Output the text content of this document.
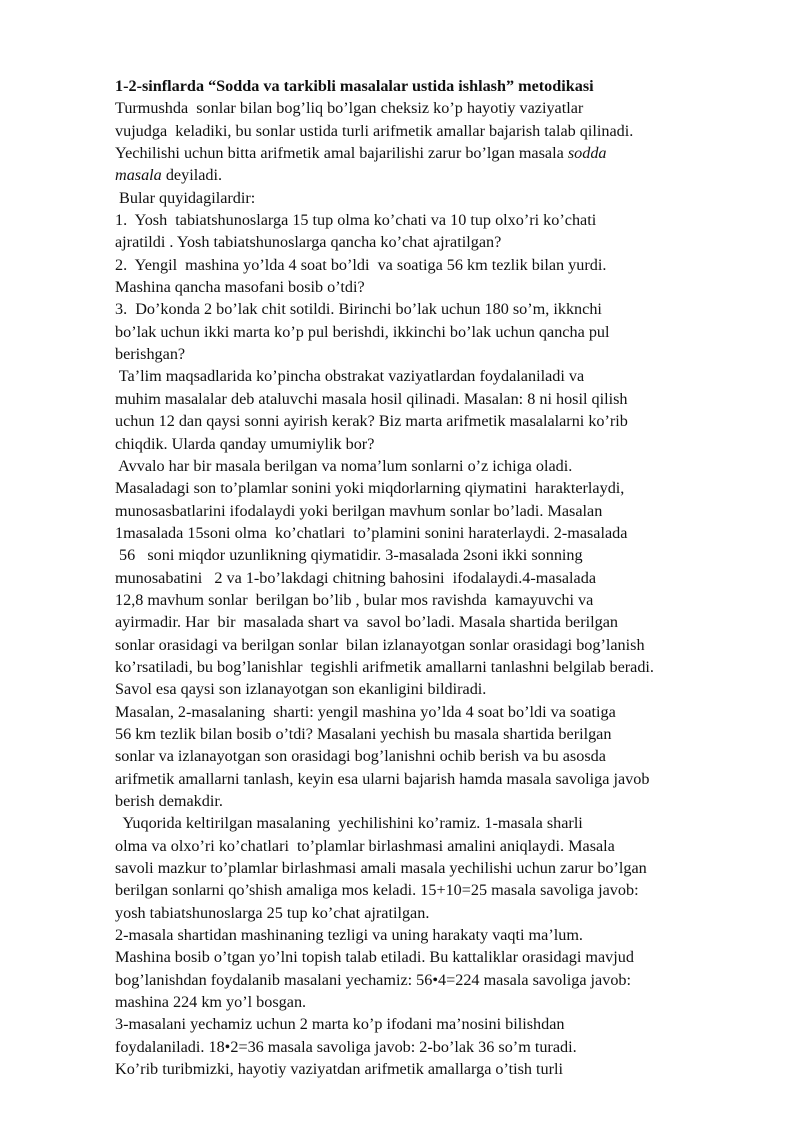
1-2-sinflarda “Sodda va tarkibli masalalar ustida ishlash” metodikasi
Turmushda  sonlar bilan bog’liq bo’lgan cheksiz ko’p hayotiy vaziyatlar
vujudga  keladiki, bu sonlar ustida turli arifmetik amallar bajarish talab qilinadi.
Yechilishi uchun bitta arifmetik amal bajarilishi zarur bo’lgan masala sodda
masala deyiladi.
Bular quyidagilardir:
1.  Yosh  tabiatshunoslarga 15 tup olma ko’chati va 10 tup olxo’ri ko’chati
ajratildi . Yosh tabiatshunoslarga qancha ko’chat ajratilgan?
2.  Yengil  mashina yo’lda 4 soat bo’ldi  va soatiga 56 km tezlik bilan yurdi.
Mashina qancha masofani bosib o’tdi?
3.  Do’konda 2 bo’lak chit sotildi. Birinchi bo’lak uchun 180 so’m, ikknchi
bo’lak uchun ikki marta ko’p pul berishdi, ikkinchi bo’lak uchun qancha pul
berishgan?
Ta’lim maqsadlarida ko’pincha obstrakat vaziyatlardan foydalaniladi va
muhim masalalar deb ataluvchi masala hosil qilinadi. Masalan: 8 ni hosil qilish
uchun 12 dan qaysi sonni ayirish kerak? Biz marta arifmetik masalalarni ko’rib
chiqdik. Ularda qanday umumiylik bor?
Avvalo har bir masala berilgan va noma’lum sonlarni o’z ichiga oladi.
Masaladagi son to’plamlar sonini yoki miqdorlarning qiymatini  harakterlaydi,
munosasbatlarini ifodalaydi yoki berilgan mavhum sonlar bo’ladi. Masalan
1masalada 15soni olma  ko’chatlari  to’plamini sonini harаterlaydi. 2-masalada
56   soni miqdor uzunlikning qiymatidir. 3-masalada 2soni ikki sonning
munosabatini   2 va 1-bo’lakdagi chitning bahosini  ifodalaydi.4-masalada
12,8 mavhum sonlar  berilgan bo’lib , bular mos ravishda  kamayuvchi va
ayirmadir. Har  bir  masalada shart va  savol bo’ladi. Masala shartida berilgan
sonlar orasidagi va berilgan sonlar  bilan izlanayotgan sonlar orasidagi bog’lanish
ko’rsatiladi, bu bog’lanishlar  tegishli arifmetik amallarni tanlashni belgilab beradi.
Savol esa qaysi son izlanayotgan son ekanligini bildiradi.
Masalan, 2-masalaning  sharti: yengil mashina yo’lda 4 soat bo’ldi va soatiga
56 km tezlik bilan bosib o’tdi? Masalani yechish bu masala shartida berilgan
sonlar va izlanayotgan son orasidagi bog’lanishni ochib berish va bu asosda
arifmetik amallarni tanlash, keyin esa ularni bajarish hamda masala savoliga javob
berish demakdir.
Yuqorida keltirilgan masalaning  yechilishini ko’ramiz. 1-masala sharli
olma va olxo’ri ko’chatlari  to’plamlar birlashmasi amalini aniqlaydi. Masala
savoli mazkur to’plamlar birlashmasi amali masala yechilishi uchun zarur bo’lgan
berilgan sonlarni qo’shish amaliga mos keladi. 15+10=25 masala savoliga javob:
yosh tabiatshunoslarga 25 tup ko’chat ajratilgan.
2-masala shartidan mashinaning tezligi va uning harakaty vaqti ma’lum.
Mashina bosib o’tgan yo’lni topish talab etiladi. Bu kattaliklar orasidagi mavjud
bog’lanishdan foydalanib masalani yechamiz: 56•4=224 masala savoliga javob:
mashina 224 km yo’l bosgan.
3-masalani yechamiz uchun 2 marta ko’p ifodani ma’nosini bilishdan
foydalaniladi. 18•2=36 masala savoliga javob: 2-bo’lak 36 so’m turadi.
Ko’rib turibmizki, hayotiy vaziyatdan arifmetik amallarga o’tish turli
